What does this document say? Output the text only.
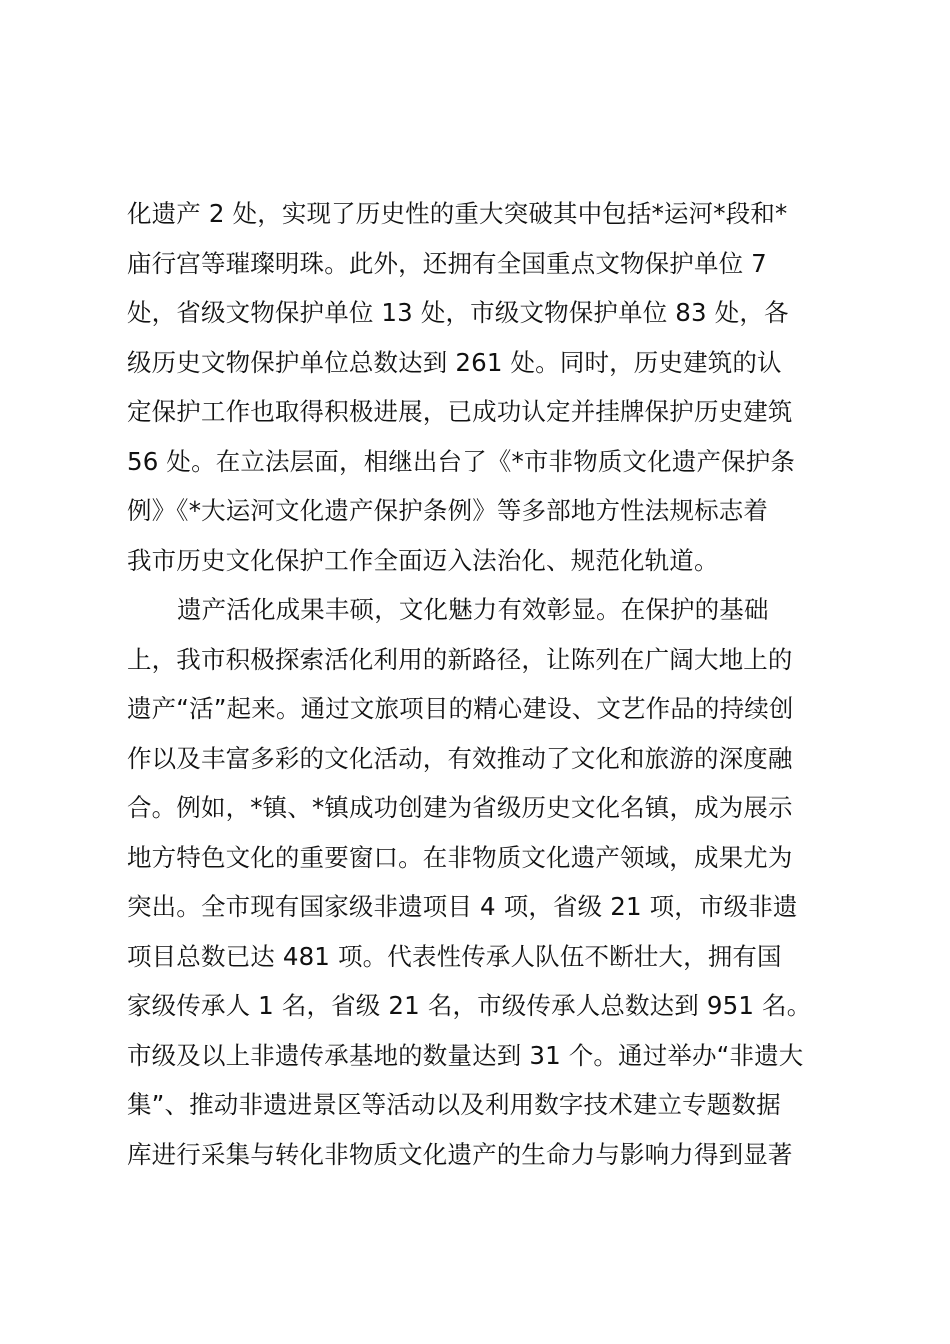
化遗产 2 处，实现了历史性的重大突破其中包括*运河*段和*
庙行宫等璀璨明珠。此外，还拥有全国重点文物保护单位 7
处，省级文物保护单位 13 处，市级文物保护单位 83 处，各
级历史文物保护单位总数达到 261 处。同时，历史建筑的认
定保护工作也取得积极进展，已成功认定并挂牌保护历史建筑
56 处。在立法层面，相继出台了《*市非物质文化遗产保护条
例》《*大运河文化遗产保护条例》等多部地方性法规标志着
我市历史文化保护工作全面迈入法治化、规范化轨道。
遗产活化成果丰硕，文化魅力有效彰显。在保护的基础
上，我市积极探索活化利用的新路径，让陈列在广阔大地上的
遗产“活”起来。通过文旅项目的精心建设、文艺作品的持续创
作以及丰富多彩的文化活动，有效推动了文化和旅游的深度融
合。例如，*镇、*镇成功创建为省级历史文化名镇，成为展示
地方特色文化的重要窗口。在非物质文化遗产领域，成果尤为
突出。全市现有国家级非遗项目 4 项，省级 21 项，市级非遗
项目总数已达 481 项。代表性传承人队伍不断壮大，拥有国
家级传承人 1 名，省级 21 名，市级传承人总数达到 951 名。
市级及以上非遗传承基地的数量达到 31 个。通过举办“非遗大
集”、推动非遗进景区等活动以及利用数字技术建立专题数据
库进行采集与转化非物质文化遗产的生命力与影响力得到显著
